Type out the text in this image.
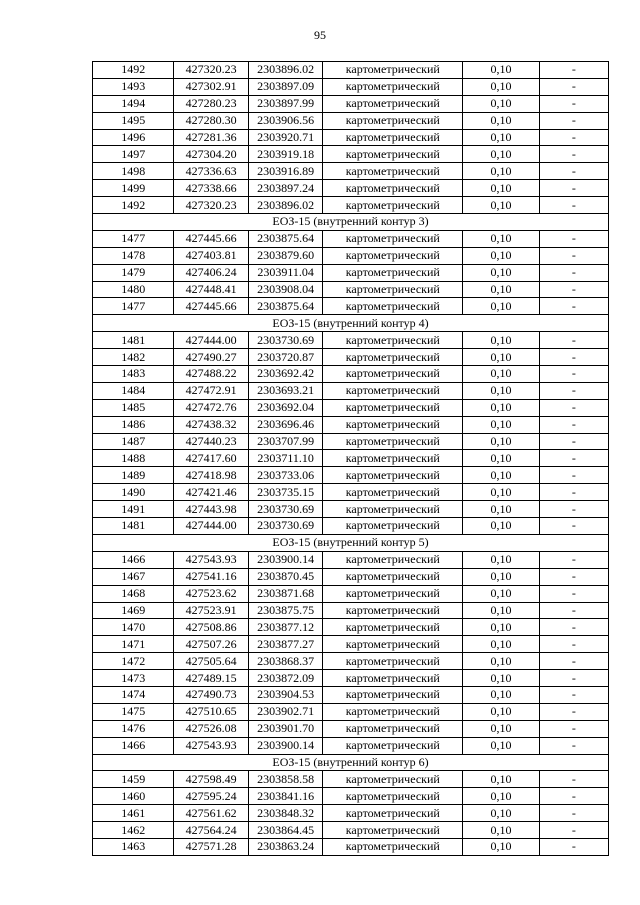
95
1492	427320.23	2303896.02	картометрический	0,10	-
1493	427302.91	2303897.09	картометрический	0,10	-
1494	427280.23	2303897.99	картометрический	0,10	-
1495	427280.30	2303906.56	картометрический	0,10	-
1496	427281.36	2303920.71	картометрический	0,10	-
1497	427304.20	2303919.18	картометрический	0,10	-
1498	427336.63	2303916.89	картометрический	0,10	-
1499	427338.66	2303897.24	картометрический	0,10	-
1492	427320.23	2303896.02	картометрический	0,10	-
ЕОЗ-15 (внутренний контур 3)					
1477	427445.66	2303875.64	картометрический	0,10	-
1478	427403.81	2303879.60	картометрический	0,10	-
1479	427406.24	2303911.04	картометрический	0,10	-
1480	427448.41	2303908.04	картометрический	0,10	-
1477	427445.66	2303875.64	картометрический	0,10	-
ЕОЗ-15 (внутренний контур 4)					
1481	427444.00	2303730.69	картометрический	0,10	-
1482	427490.27	2303720.87	картометрический	0,10	-
1483	427488.22	2303692.42	картометрический	0,10	-
1484	427472.91	2303693.21	картометрический	0,10	-
1485	427472.76	2303692.04	картометрический	0,10	-
1486	427438.32	2303696.46	картометрический	0,10	-
1487	427440.23	2303707.99	картометрический	0,10	-
1488	427417.60	2303711.10	картометрический	0,10	-
1489	427418.98	2303733.06	картометрический	0,10	-
1490	427421.46	2303735.15	картометрический	0,10	-
1491	427443.98	2303730.69	картометрический	0,10	-
1481	427444.00	2303730.69	картометрический	0,10	-
ЕОЗ-15 (внутренний контур 5)					
1466	427543.93	2303900.14	картометрический	0,10	-
1467	427541.16	2303870.45	картометрический	0,10	-
1468	427523.62	2303871.68	картометрический	0,10	-
1469	427523.91	2303875.75	картометрический	0,10	-
1470	427508.86	2303877.12	картометрический	0,10	-
1471	427507.26	2303877.27	картометрический	0,10	-
1472	427505.64	2303868.37	картометрический	0,10	-
1473	427489.15	2303872.09	картометрический	0,10	-
1474	427490.73	2303904.53	картометрический	0,10	-
1475	427510.65	2303902.71	картометрический	0,10	-
1476	427526.08	2303901.70	картометрический	0,10	-
1466	427543.93	2303900.14	картометрический	0,10	-
ЕОЗ-15 (внутренний контур 6)					
1459	427598.49	2303858.58	картометрический	0,10	-
1460	427595.24	2303841.16	картометрический	0,10	-
1461	427561.62	2303848.32	картометрический	0,10	-
1462	427564.24	2303864.45	картометрический	0,10	-
1463	427571.28	2303863.24	картометрический	0,10	-
